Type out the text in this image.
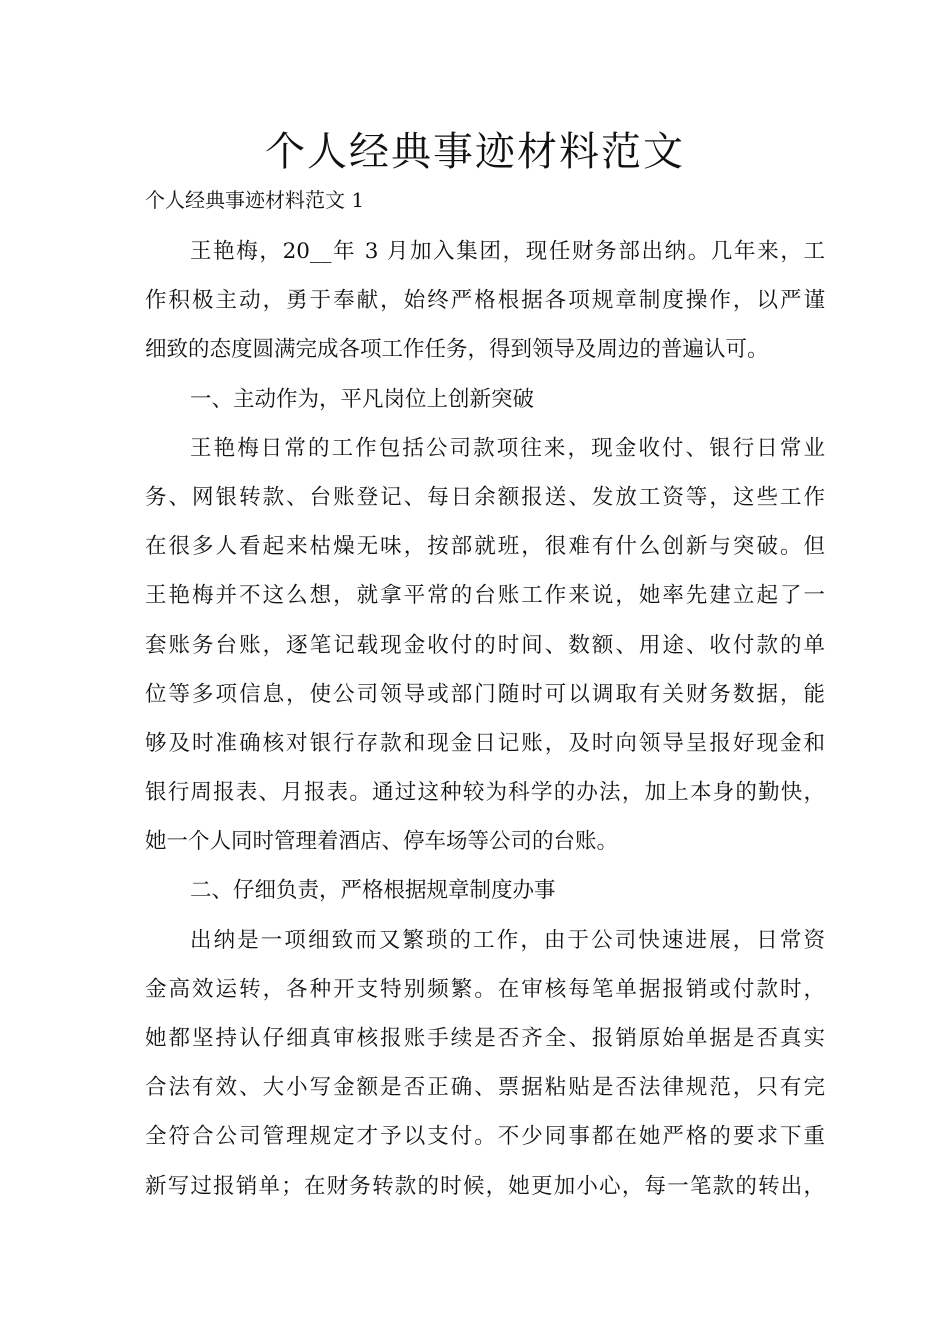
个人经典事迹材料范文

个人经典事迹材料范文 1

王艳梅，20__年 3 月加入集团，现任财务部出纳。几年来，工

作积极主动，勇于奉献，始终严格根据各项规章制度操作，以严谨

细致的态度圆满完成各项工作任务，得到领导及周边的普遍认可。

一、主动作为，平凡岗位上创新突破

王艳梅日常的工作包括公司款项往来，现金收付、银行日常业

务、网银转款、台账登记、每日余额报送、发放工资等，这些工作

在很多人看起来枯燥无味，按部就班，很难有什么创新与突破。但

王艳梅并不这么想，就拿平常的台账工作来说，她率先建立起了一

套账务台账，逐笔记载现金收付的时间、数额、用途、收付款的单

位等多项信息，使公司领导或部门随时可以调取有关财务数据，能

够及时准确核对银行存款和现金日记账，及时向领导呈报好现金和

银行周报表、月报表。通过这种较为科学的办法，加上本身的勤快，

她一个人同时管理着酒店、停车场等公司的台账。

二、仔细负责，严格根据规章制度办事

出纳是一项细致而又繁琐的工作，由于公司快速进展，日常资

金高效运转，各种开支特别频繁。在审核每笔单据报销或付款时，

她都坚持认仔细真审核报账手续是否齐全、报销原始单据是否真实

合法有效、大小写金额是否正确、票据粘贴是否法律规范，只有完

全符合公司管理规定才予以支付。不少同事都在她严格的要求下重

新写过报销单；在财务转款的时候，她更加小心，每一笔款的转出，
